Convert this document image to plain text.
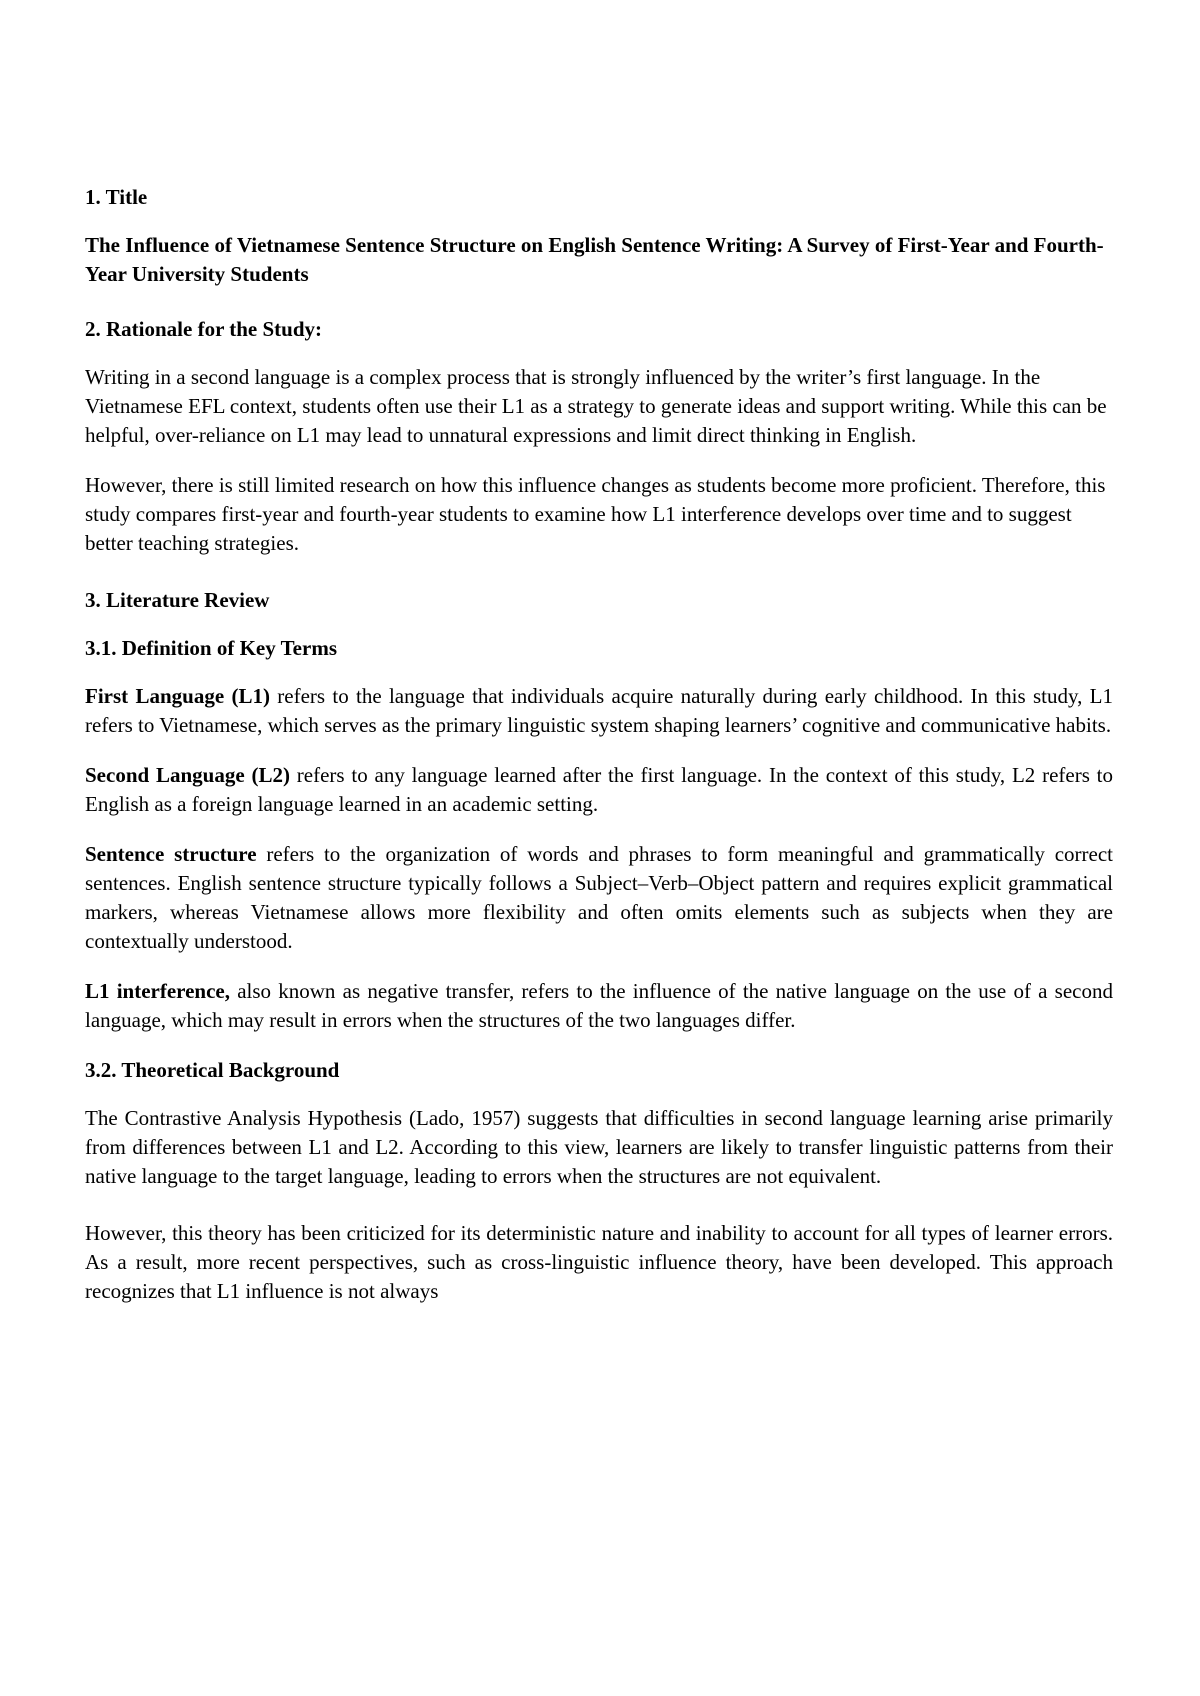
1. Title

The Influence of Vietnamese Sentence Structure on English Sentence Writing: A Survey of First-Year and Fourth-Year University Students

2. Rationale for the Study:

Writing in a second language is a complex process that is strongly influenced by the writer’s first language. In the Vietnamese EFL context, students often use their L1 as a strategy to generate ideas and support writing. While this can be helpful, over-reliance on L1 may lead to unnatural expressions and limit direct thinking in English.

However, there is still limited research on how this influence changes as students become more proficient. Therefore, this study compares first-year and fourth-year students to examine how L1 interference develops over time and to suggest better teaching strategies.

3. Literature Review

3.1. Definition of Key Terms

First Language (L1) refers to the language that individuals acquire naturally during early childhood. In this study, L1 refers to Vietnamese, which serves as the primary linguistic system shaping learners’ cognitive and communicative habits.

Second Language (L2) refers to any language learned after the first language. In the context of this study, L2 refers to English as a foreign language learned in an academic setting.

Sentence structure refers to the organization of words and phrases to form meaningful and grammatically correct sentences. English sentence structure typically follows a Subject–Verb–Object pattern and requires explicit grammatical markers, whereas Vietnamese allows more flexibility and often omits elements such as subjects when they are contextually understood.

L1 interference, also known as negative transfer, refers to the influence of the native language on the use of a second language, which may result in errors when the structures of the two languages differ.

3.2. Theoretical Background

The Contrastive Analysis Hypothesis (Lado, 1957) suggests that difficulties in second language learning arise primarily from differences between L1 and L2. According to this view, learners are likely to transfer linguistic patterns from their native language to the target language, leading to errors when the structures are not equivalent.

However, this theory has been criticized for its deterministic nature and inability to account for all types of learner errors. As a result, more recent perspectives, such as cross-linguistic influence theory, have been developed. This approach recognizes that L1 influence is not always
